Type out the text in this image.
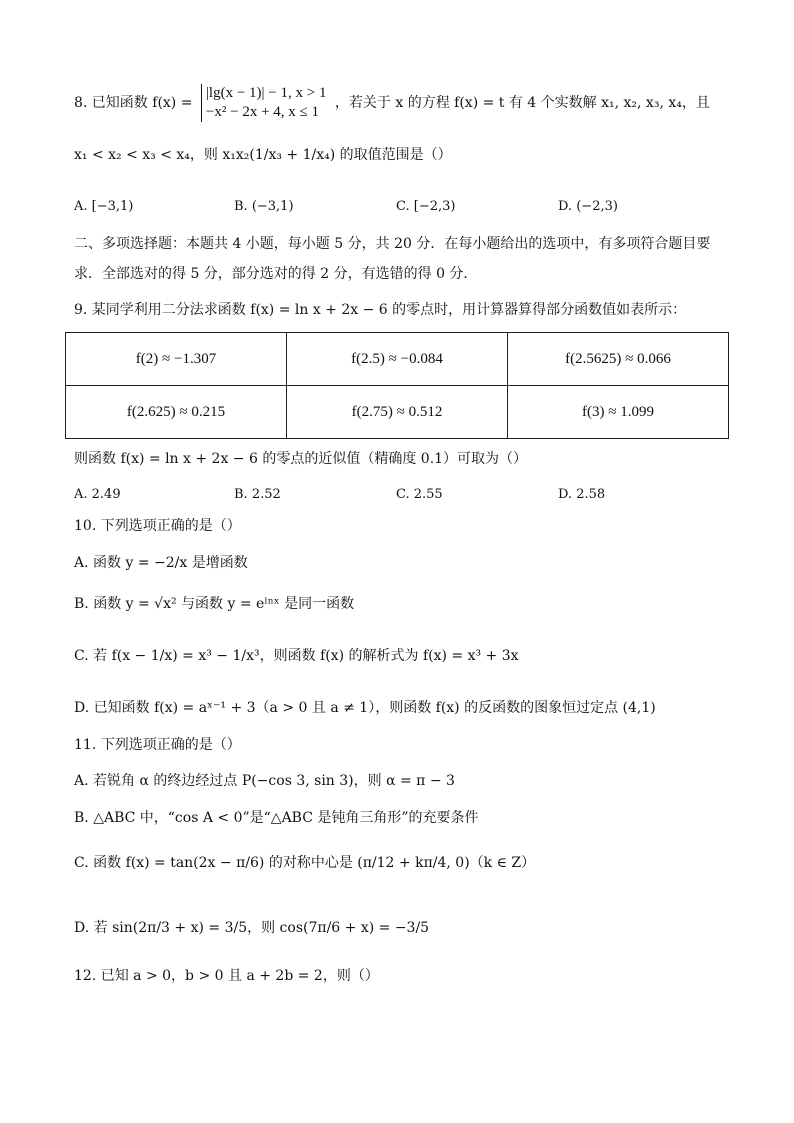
8. 已知函数 f(x) =
|lg(x − 1)| − 1, x > 1
−x² − 2x + 4, x ≤ 1
，若关于 x 的方程 f(x) = t 有 4 个实数解 x₁, x₂, x₃, x₄，且
x₁ < x₂ < x₃ < x₄，则 x₁x₂(1/x₃ + 1/x₄) 的取值范围是（）
A. [−3,1)	B. (−3,1)	C. [−2,3)	D. (−2,3)
二、多项选择题：本题共 4 小题，每小题 5 分，共 20 分．在每小题给出的选项中，有多项符合题目要
求．全部选对的得 5 分，部分选对的得 2 分，有选错的得 0 分．
9. 某同学利用二分法求函数 f(x) = ln x + 2x − 6 的零点时，用计算器算得部分函数值如表所示：
f(2) ≈ −1.307	f(2.5) ≈ −0.084	f(2.5625) ≈ 0.066
f(2.625) ≈ 0.215	f(2.75) ≈ 0.512	f(3) ≈ 1.099
则函数 f(x) = ln x + 2x − 6 的零点的近似值（精确度 0.1）可取为（）
A. 2.49	B. 2.52	C. 2.55	D. 2.58
10. 下列选项正确的是（）
A. 函数 y = −2/x 是增函数
B. 函数 y = √x² 与函数 y = eˡⁿˣ 是同一函数
C. 若 f(x − 1/x) = x³ − 1/x³，则函数 f(x) 的解析式为 f(x) = x³ + 3x
D. 已知函数 f(x) = aˣ⁻¹ + 3（a > 0 且 a ≠ 1），则函数 f(x) 的反函数的图象恒过定点 (4,1)
11. 下列选项正确的是（）
A. 若锐角 α 的终边经过点 P(−cos 3, sin 3)，则 α = π − 3
B. △ABC 中，“cos A < 0”是“△ABC 是钝角三角形”的充要条件
C. 函数 f(x) = tan(2x − π/6) 的对称中心是 (π/12 + kπ/4, 0)（k ∈ Z）
D. 若 sin(2π/3 + x) = 3/5，则 cos(7π/6 + x) = −3/5
12. 已知 a > 0，b > 0 且 a + 2b = 2，则（）
